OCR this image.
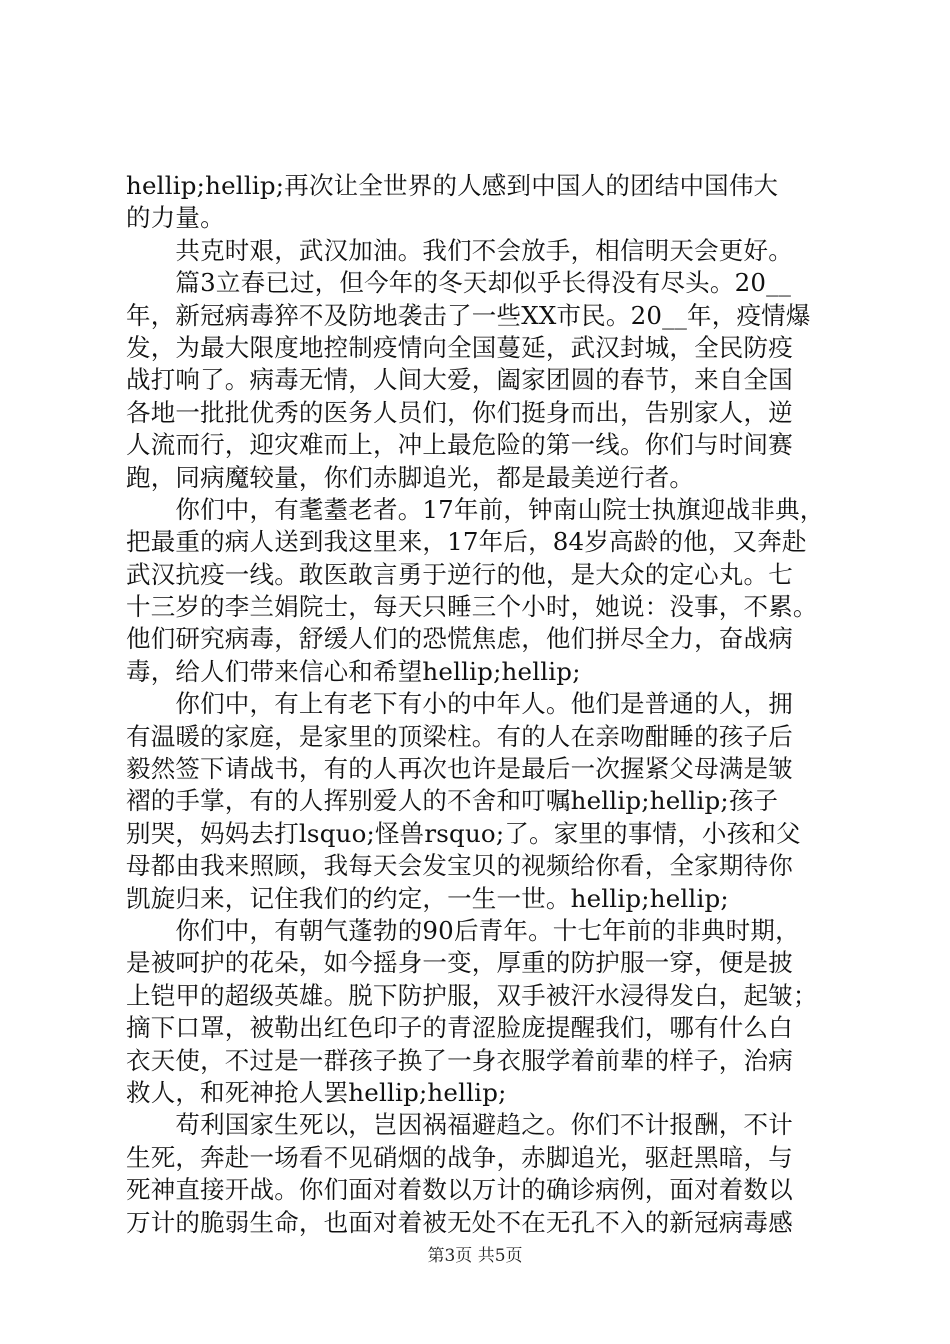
hellip;hellip;再次让全世界的人感到中国人的团结中国伟大
的力量。
　　共克时艰，武汉加油。我们不会放手，相信明天会更好。
　　篇3立春已过，但今年的冬天却似乎长得没有尽头。20__
年，新冠病毒猝不及防地袭击了一些XX市民。20__年，疫情爆
发，为最大限度地控制疫情向全国蔓延，武汉封城，全民防疫
战打响了。病毒无情，人间大爱，阖家团圆的春节，来自全国
各地一批批优秀的医务人员们，你们挺身而出，告别家人，逆
人流而行，迎灾难而上，冲上最危险的第一线。你们与时间赛
跑，同病魔较量，你们赤脚追光，都是最美逆行者。
　　你们中，有耄耋老者。17年前，钟南山院士执旗迎战非典，
把最重的病人送到我这里来，17年后，84岁高龄的他，又奔赴
武汉抗疫一线。敢医敢言勇于逆行的他，是大众的定心丸。七
十三岁的李兰娟院士，每天只睡三个小时，她说：没事，不累。
他们研究病毒，舒缓人们的恐慌焦虑，他们拼尽全力，奋战病
毒，给人们带来信心和希望hellip;hellip;
　　你们中，有上有老下有小的中年人。他们是普通的人，拥
有温暖的家庭，是家里的顶梁柱。有的人在亲吻酣睡的孩子后
毅然签下请战书，有的人再次也许是最后一次握紧父母满是皱
褶的手掌，有的人挥别爱人的不舍和叮嘱hellip;hellip;孩子
别哭，妈妈去打lsquo;怪兽rsquo;了。家里的事情，小孩和父
母都由我来照顾，我每天会发宝贝的视频给你看，全家期待你
凯旋归来，记住我们的约定，一生一世。hellip;hellip;
　　你们中，有朝气蓬勃的90后青年。十七年前的非典时期，
是被呵护的花朵，如今摇身一变，厚重的防护服一穿，便是披
上铠甲的超级英雄。脱下防护服，双手被汗水浸得发白，起皱；
摘下口罩，被勒出红色印子的青涩脸庞提醒我们，哪有什么白
衣天使，不过是一群孩子换了一身衣服学着前辈的样子，治病
救人，和死神抢人罢hellip;hellip;
　　苟利国家生死以，岂因祸福避趋之。你们不计报酬，不计
生死，奔赴一场看不见硝烟的战争，赤脚追光，驱赶黑暗，与
死神直接开战。你们面对着数以万计的确诊病例，面对着数以
万计的脆弱生命，也面对着被无处不在无孔不入的新冠病毒感
第3页 共5页
